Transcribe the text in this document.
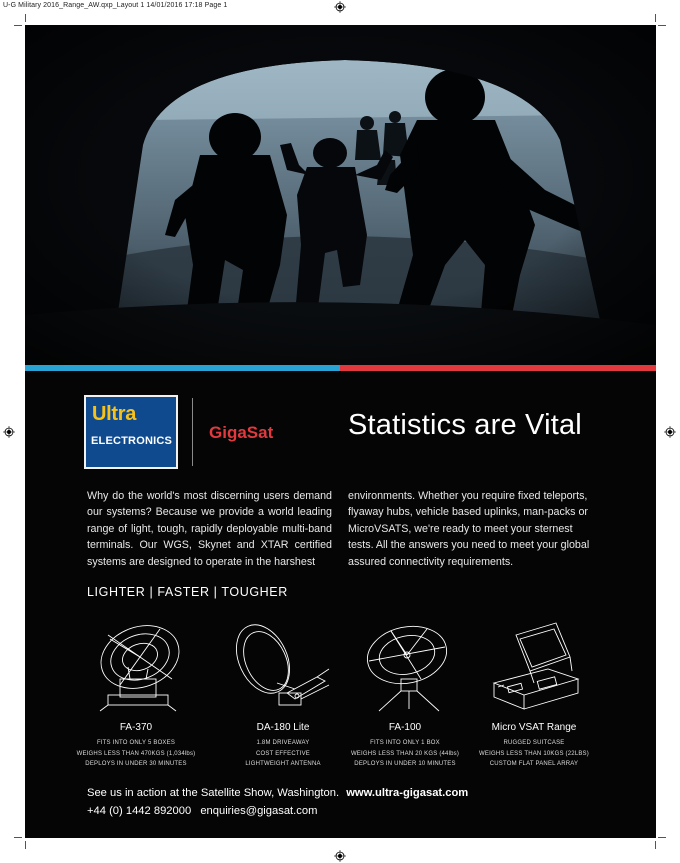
U-G Military 2016_Range_AW.qxp_Layout 1 14/01/2016 17:18 Page 1
Ultra
ELECTRONICS GigaSat	Statistics are Vital
Why do the world's most discerning users demand our systems? Because we provide a world leading range of light, tough, rapidly deployable multi-band terminals. Our WGS, Skynet and XTAR certified systems are designed to operate in the harshest
environments. Whether you require fixed teleports, flyaway hubs, vehicle based uplinks, man-packs or MicroVSATS, we're ready to meet your sternest tests. All the answers you need to meet your global assured connectivity requirements.
LIGHTER | FASTER | TOUGHER
FA-370
FITS INTO ONLY 5 BOXES
WEIGHS LESS THAN 470KGS (1,034lbs)
DEPLOYS IN UNDER 30 MINUTES
DA-180 Lite
1.8M DRIVEAWAY
COST EFFECTIVE
LIGHTWEIGHT ANTENNA
FA-100
FITS INTO ONLY 1 BOX
WEIGHS LESS THAN 20 KGS (44lbs)
DEPLOYS IN UNDER 10 MINUTES
Micro VSAT Range
RUGGED SUITCASE
WEIGHS LESS THAN 10KGS (22LBS)
CUSTOM FLAT PANEL ARRAY
See us in action at the Satellite Show, Washington. www.ultra-gigasat.com
+44 (0) 1442 892000 enquiries@gigasat.com
